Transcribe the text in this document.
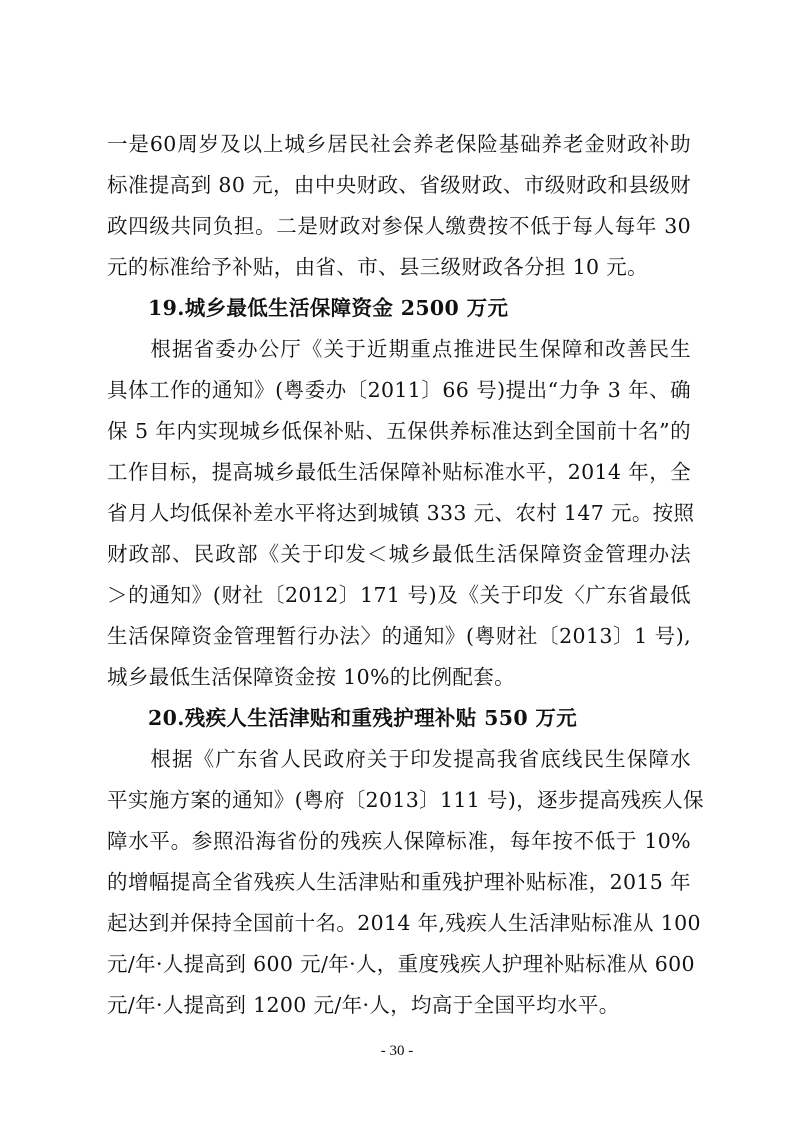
一是60周岁及以上城乡居民社会养老保险基础养老金财政补助
标准提高到 80 元，由中央财政、省级财政、市级财政和县级财
政四级共同负担。二是财政对参保人缴费按不低于每人每年 30
元的标准给予补贴，由省、市、县三级财政各分担 10 元。
19.城乡最低生活保障资金 2500 万元
　　根据省委办公厅《关于近期重点推进民生保障和改善民生
具体工作的通知》(粤委办〔2011〕66 号)提出“力争 3 年、确
保 5 年内实现城乡低保补贴、五保供养标准达到全国前十名”的
工作目标，提高城乡最低生活保障补贴标准水平，2014 年，全
省月人均低保补差水平将达到城镇 333 元、农村 147 元。按照
财政部、民政部《关于印发＜城乡最低生活保障资金管理办法
＞的通知》(财社〔2012〕171 号)及《关于印发〈广东省最低
生活保障资金管理暂行办法〉的通知》(粤财社〔2013〕1 号),
城乡最低生活保障资金按 10%的比例配套。
20.残疾人生活津贴和重残护理补贴 550 万元
　　根据《广东省人民政府关于印发提高我省底线民生保障水
平实施方案的通知》(粤府〔2013〕111 号)，逐步提高残疾人保
障水平。参照沿海省份的残疾人保障标准，每年按不低于 10%
的增幅提高全省残疾人生活津贴和重残护理补贴标准，2015 年
起达到并保持全国前十名。2014 年,残疾人生活津贴标准从 100
元/年·人提高到 600 元/年·人，重度残疾人护理补贴标准从 600
元/年·人提高到 1200 元/年·人，均高于全国平均水平。
- 30 -
